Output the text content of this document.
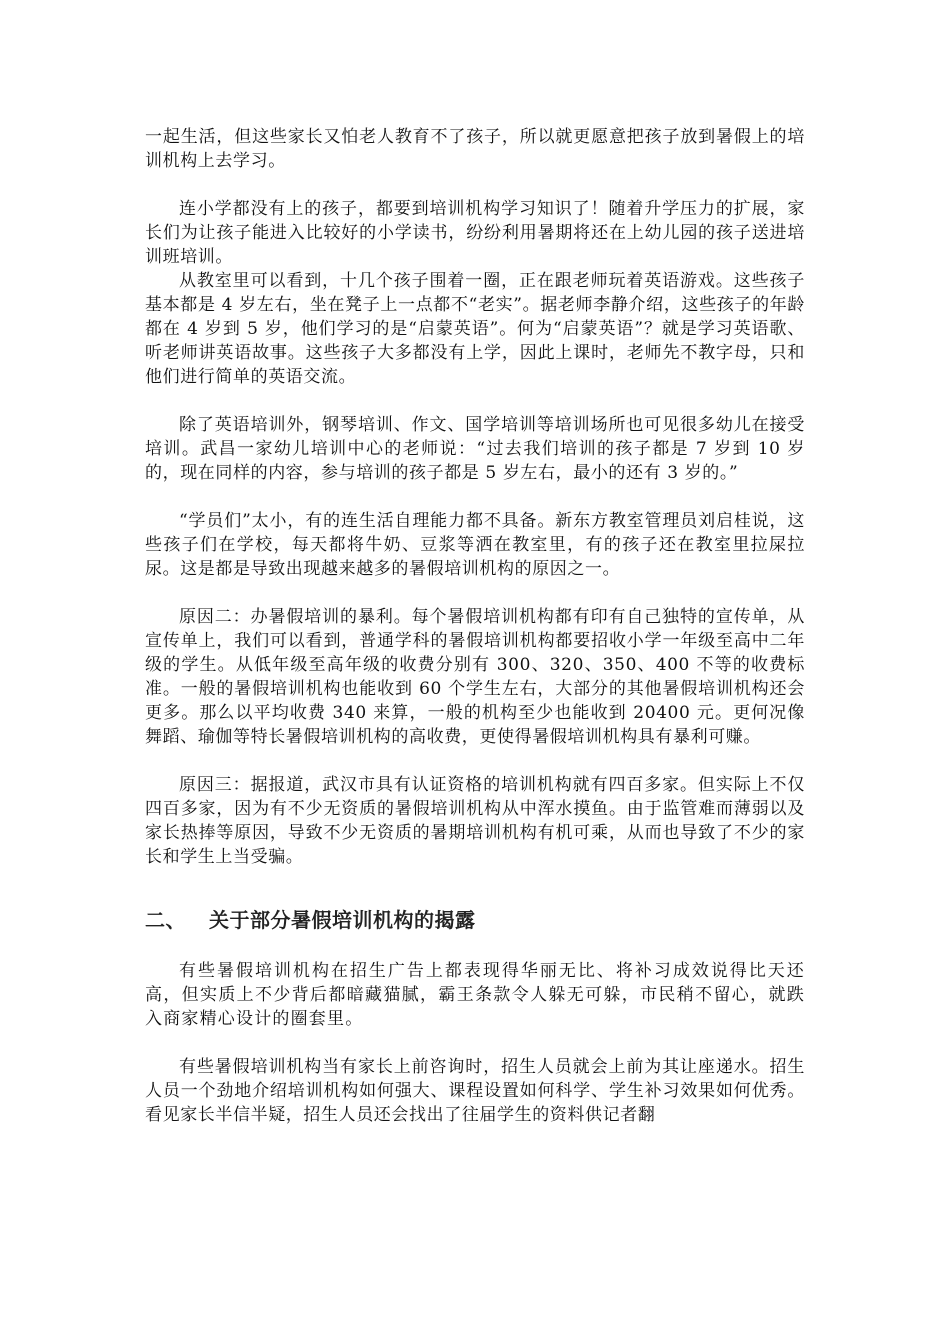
一起生活，但这些家长又怕老人教育不了孩子，所以就更愿意把孩子放到暑假上的培训机构上去学习。

连小学都没有上的孩子，都要到培训机构学习知识了！随着升学压力的扩展，家长们为让孩子能进入比较好的小学读书，纷纷利用暑期将还在上幼儿园的孩子送进培训班培训。

从教室里可以看到，十几个孩子围着一圈，正在跟老师玩着英语游戏。这些孩子基本都是 4 岁左右，坐在凳子上一点都不“老实”。据老师李静介绍，这些孩子的年龄都在 4 岁到 5 岁，他们学习的是“启蒙英语”。何为“启蒙英语”？就是学习英语歌、听老师讲英语故事。这些孩子大多都没有上学，因此上课时，老师先不教字母，只和他们进行简单的英语交流。

除了英语培训外，钢琴培训、作文、国学培训等培训场所也可见很多幼儿在接受培训。武昌一家幼儿培训中心的老师说：“过去我们培训的孩子都是 7 岁到 10 岁的，现在同样的内容，参与培训的孩子都是 5 岁左右，最小的还有 3 岁的。”

“学员们”太小，有的连生活自理能力都不具备。新东方教室管理员刘启桂说，这些孩子们在学校，每天都将牛奶、豆浆等洒在教室里，有的孩子还在教室里拉屎拉尿。这是都是导致出现越来越多的暑假培训机构的原因之一。

原因二：办暑假培训的暴利。每个暑假培训机构都有印有自己独特的宣传单，从宣传单上，我们可以看到，普通学科的暑假培训机构都要招收小学一年级至高中二年级的学生。从低年级至高年级的收费分别有 300、320、350、400 不等的收费标准。一般的暑假培训机构也能收到 60 个学生左右，大部分的其他暑假培训机构还会更多。那么以平均收费 340 来算，一般的机构至少也能收到 20400 元。更何况像舞蹈、瑜伽等特长暑假培训机构的高收费，更使得暑假培训机构具有暴利可赚。

原因三：据报道，武汉市具有认证资格的培训机构就有四百多家。但实际上不仅四百多家，因为有不少无资质的暑假培训机构从中浑水摸鱼。由于监管难而薄弱以及家长热捧等原因，导致不少无资质的暑期培训机构有机可乘，从而也导致了不少的家长和学生上当受骗。

二、 关于部分暑假培训机构的揭露

有些暑假培训机构在招生广告上都表现得华丽无比、将补习成效说得比天还高，但实质上不少背后都暗藏猫腻，霸王条款令人躲无可躲，市民稍不留心，就跌入商家精心设计的圈套里。

有些暑假培训机构当有家长上前咨询时，招生人员就会上前为其让座递水。招生人员一个劲地介绍培训机构如何强大、课程设置如何科学、学生补习效果如何优秀。看见家长半信半疑，招生人员还会找出了往届学生的资料供记者翻
